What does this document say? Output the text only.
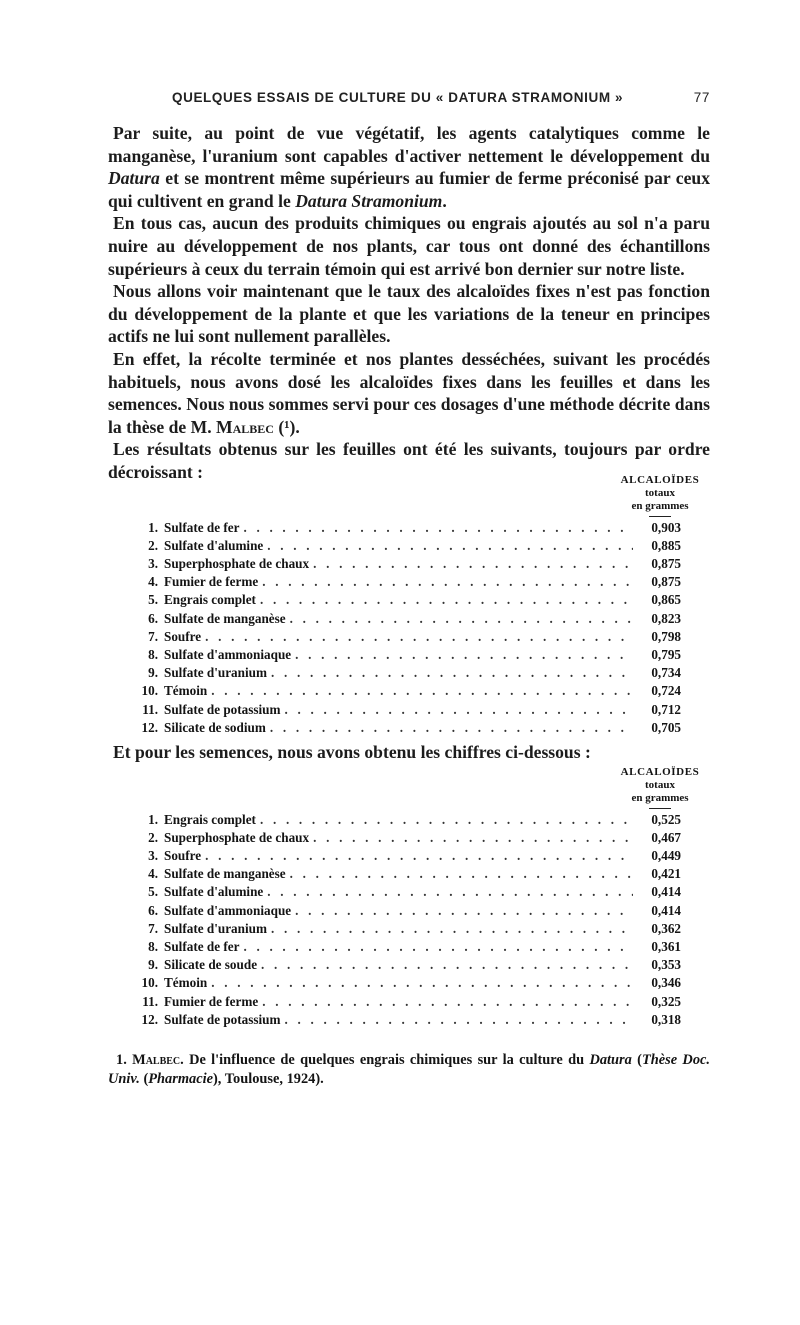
QUELQUES ESSAIS DE CULTURE DU « DATURA STRAMONIUM »	77

Par suite, au point de vue végétatif, les agents catalytiques comme le manganèse, l'uranium sont capables d'activer nettement le développement du Datura et se montrent même supérieurs au fumier de ferme préconisé par ceux qui cultivent en grand le Datura Stramonium.

En tous cas, aucun des produits chimiques ou engrais ajoutés au sol n'a paru nuire au développement de nos plants, car tous ont donné des échantillons supérieurs à ceux du terrain témoin qui est arrivé bon dernier sur notre liste.

Nous allons voir maintenant que le taux des alcaloïdes fixes n'est pas fonction du développement de la plante et que les variations de la teneur en principes actifs ne lui sont nullement parallèles.

En effet, la récolte terminée et nos plantes desséchées, suivant les procédés habituels, nous avons dosé les alcaloïdes fixes dans les feuilles et dans les semences. Nous nous sommes servi pour ces dosages d'une méthode décrite dans la thèse de M. Malbec (¹).

Les résultats obtenus sur les feuilles ont été les suivants, toujours par ordre décroissant :	ALCALOÏDES
totaux
en grammes
1. Sulfate de fer . . .	0,903
2. Sulfate d'alumine . . .	0,885
3. Superphosphate de chaux . . .	0,875
4. Fumier de ferme . . .	0,875
5. Engrais complet . . .	0,865
6. Sulfate de manganèse . . .	0,823
7. Soufre . . .	0,798
8. Sulfate d'ammoniaque . . .	0,795
9. Sulfate d'uranium . . .	0,734
10. Témoin . . .	0,724
11. Sulfate de potassium . . .	0,712
12. Silicate de sodium . . .	0,705

Et pour les semences, nous avons obtenu les chiffres ci-dessous :

ALCALOÏDES
totaux
en grammes
1. Engrais complet . . .	0,525
2. Superphosphate de chaux . . .	0,467
3. Soufre . . .	0,449
4. Sulfate de manganèse . . .	0,421
5. Sulfate d'alumine . . .	0,414
6. Sulfate d'ammoniaque . . .	0,414
7. Sulfate d'uranium . . .	0,362
8. Sulfate de fer . . .	0,361
9. Silicate de soude . . .	0,353
10. Témoin . . .	0,346
11. Fumier de ferme . . .	0,325
12. Sulfate de potassium . . .	0,318

1. Malbec. De l'influence de quelques engrais chimiques sur la culture du Datura (Thèse Doc. Univ. (Pharmacie), Toulouse, 1924).
